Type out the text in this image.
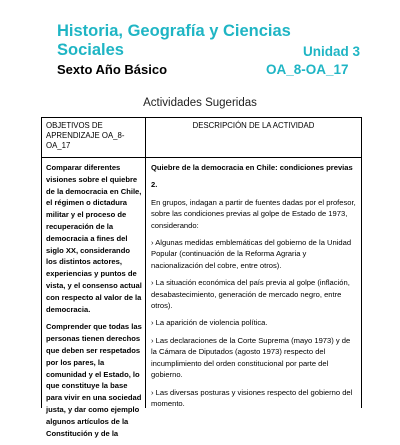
Historia, Geografía y Ciencias
Sociales	Unidad 3
Sexto Año Básico	OA_8-OA_17
Actividades Sugeridas
OBJETIVOS DE APRENDIZAJE OA_8-OA_17
DESCRIPCIÓN DE LA ACTIVIDAD

Comparar diferentes visiones sobre el quiebre de la democracia en Chile, el régimen o dictadura militar y el proceso de recuperación de la democracia a fines del siglo XX, considerando los distintos actores, experiencias y puntos de vista, y el consenso actual con respecto al valor de la democracia.

Comprender que todas las personas tienen derechos que deben ser respetados por los pares, la comunidad y el Estado, lo que constituye la base para vivir en una sociedad justa, y dar como ejemplo algunos artículos de la Constitución y de la

Quiebre de la democracia en Chile: condiciones previas

2.

En grupos, indagan a partir de fuentes dadas por el profesor, sobre las condiciones previas al golpe de Estado de 1973, considerando:

› Algunas medidas emblemáticas del gobierno de la Unidad Popular (continuación de la Reforma Agraria y nacionalización del cobre, entre otros).

› La situación económica del país previa al golpe (inflación, desabastecimiento, generación de mercado negro, entre otros).

› La aparición de violencia política.

› Las declaraciones de la Corte Suprema (mayo 1973) y de la Cámara de Diputados (agosto 1973) respecto del incumplimiento del orden constitucional por parte del gobierno.

› Las diversas posturas y visiones respecto del gobierno del momento.
